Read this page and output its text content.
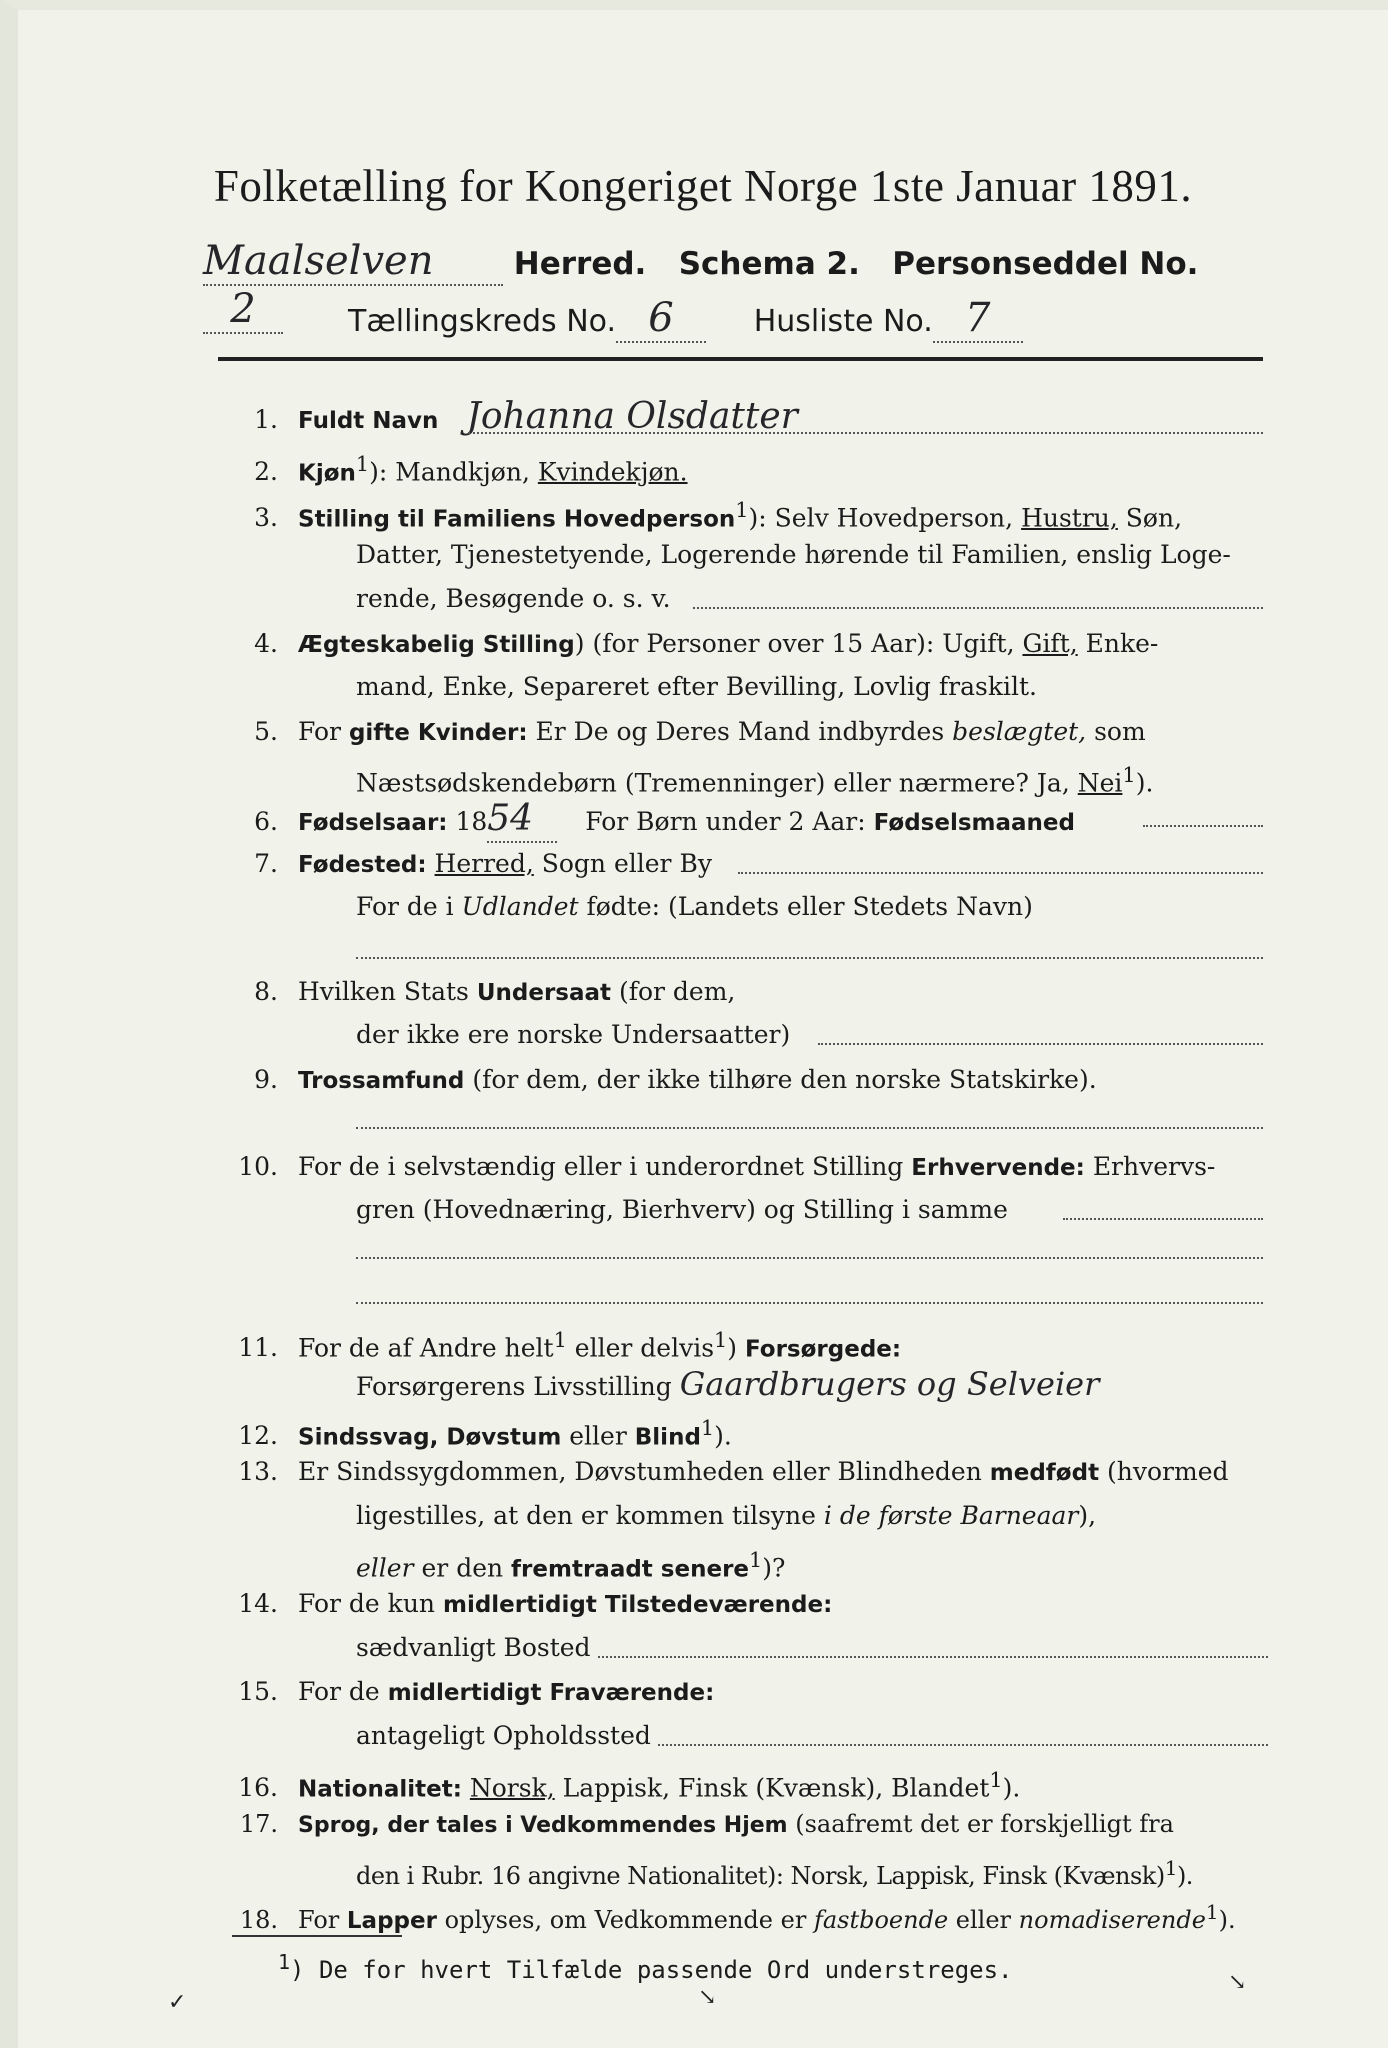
Folketælling for Kongeriget Norge 1ste Januar 1891.
Maalselven	Herred. Schema 2. Personseddel No.2	Tællingskreds No. 6	Husliste No. 7
1. Fuldt Navn Johanna Olsdatter
2. Kjøn$^1$): Mandkjøn, Kvindekjøn.
3. Stilling til Familiens Hovedperson$^1$): Selv Hovedperson, Hustru, Søn,
Datter, Tjenestetyende, Logerende hørende til Familien, enslig Loge-
rende, Besøgende o. s. v.
4. Ægteskabelig Stilling) (for Personer over 15 Aar): Ugift, Gift, Enke-
mand, Enke, Separeret efter Bevilling, Lovlig fraskilt.
5. For gifte Kvinder: Er De og Deres Mand indbyrdes beslægtet, som
Næstsødskendebørn (Tremenninger) eller nærmere? Ja, Nei$^1$).
6. Fødselsaar: 1854 For Børn under 2 Aar: Fødselsmaaned
7. Fødested: Herred, Sogn eller By
For de i Udlandet fødte: (Landets eller Stedets Navn)
8. Hvilken Stats Undersaat (for dem,
der ikke ere norske Undersaatter)
9. Trossamfund (for dem, der ikke tilhøre den norske Statskirke).
10. For de i selvstændig eller i underordnet Stilling Erhvervende: Erhvervs-
gren (Hovednæring, Bierhverv) og Stilling i samme
11. For de af Andre helt$^1$ eller delvis$^1$) Forsørgede:
Forsørgerens Livsstilling Gaardbrugers og Selveier
12. Sindssvag, Døvstum eller Blind$^1$).
13. Er Sindssygdommen, Døvstumheden eller Blindheden medfødt (hvormed
ligestilles, at den er kommen tilsyne i de første Barneaar),
eller er den fremtraadt senere$^1$)?
14. For de kun midlertidigt Tilstedeværende:
sædvanligt Bosted
15. For de midlertidigt Fraværende:
antageligt Opholdssted
16. Nationalitet: Norsk, Lappisk, Finsk (Kvænsk), Blandet$^1$).
17. Sprog, der tales i Vedkommendes Hjem (saafremt det er forskjelligt fra
den i Rubr. 16 angivne Nationalitet): Norsk, Lappisk, Finsk (Kvænsk)$^1$).
18. For Lapper oplyses, om Vedkommende er fastboende eller nomadiserende$^1$).
$^1$) De for hvert Tilfælde passende Ord understreges.
✓	↘
↘
